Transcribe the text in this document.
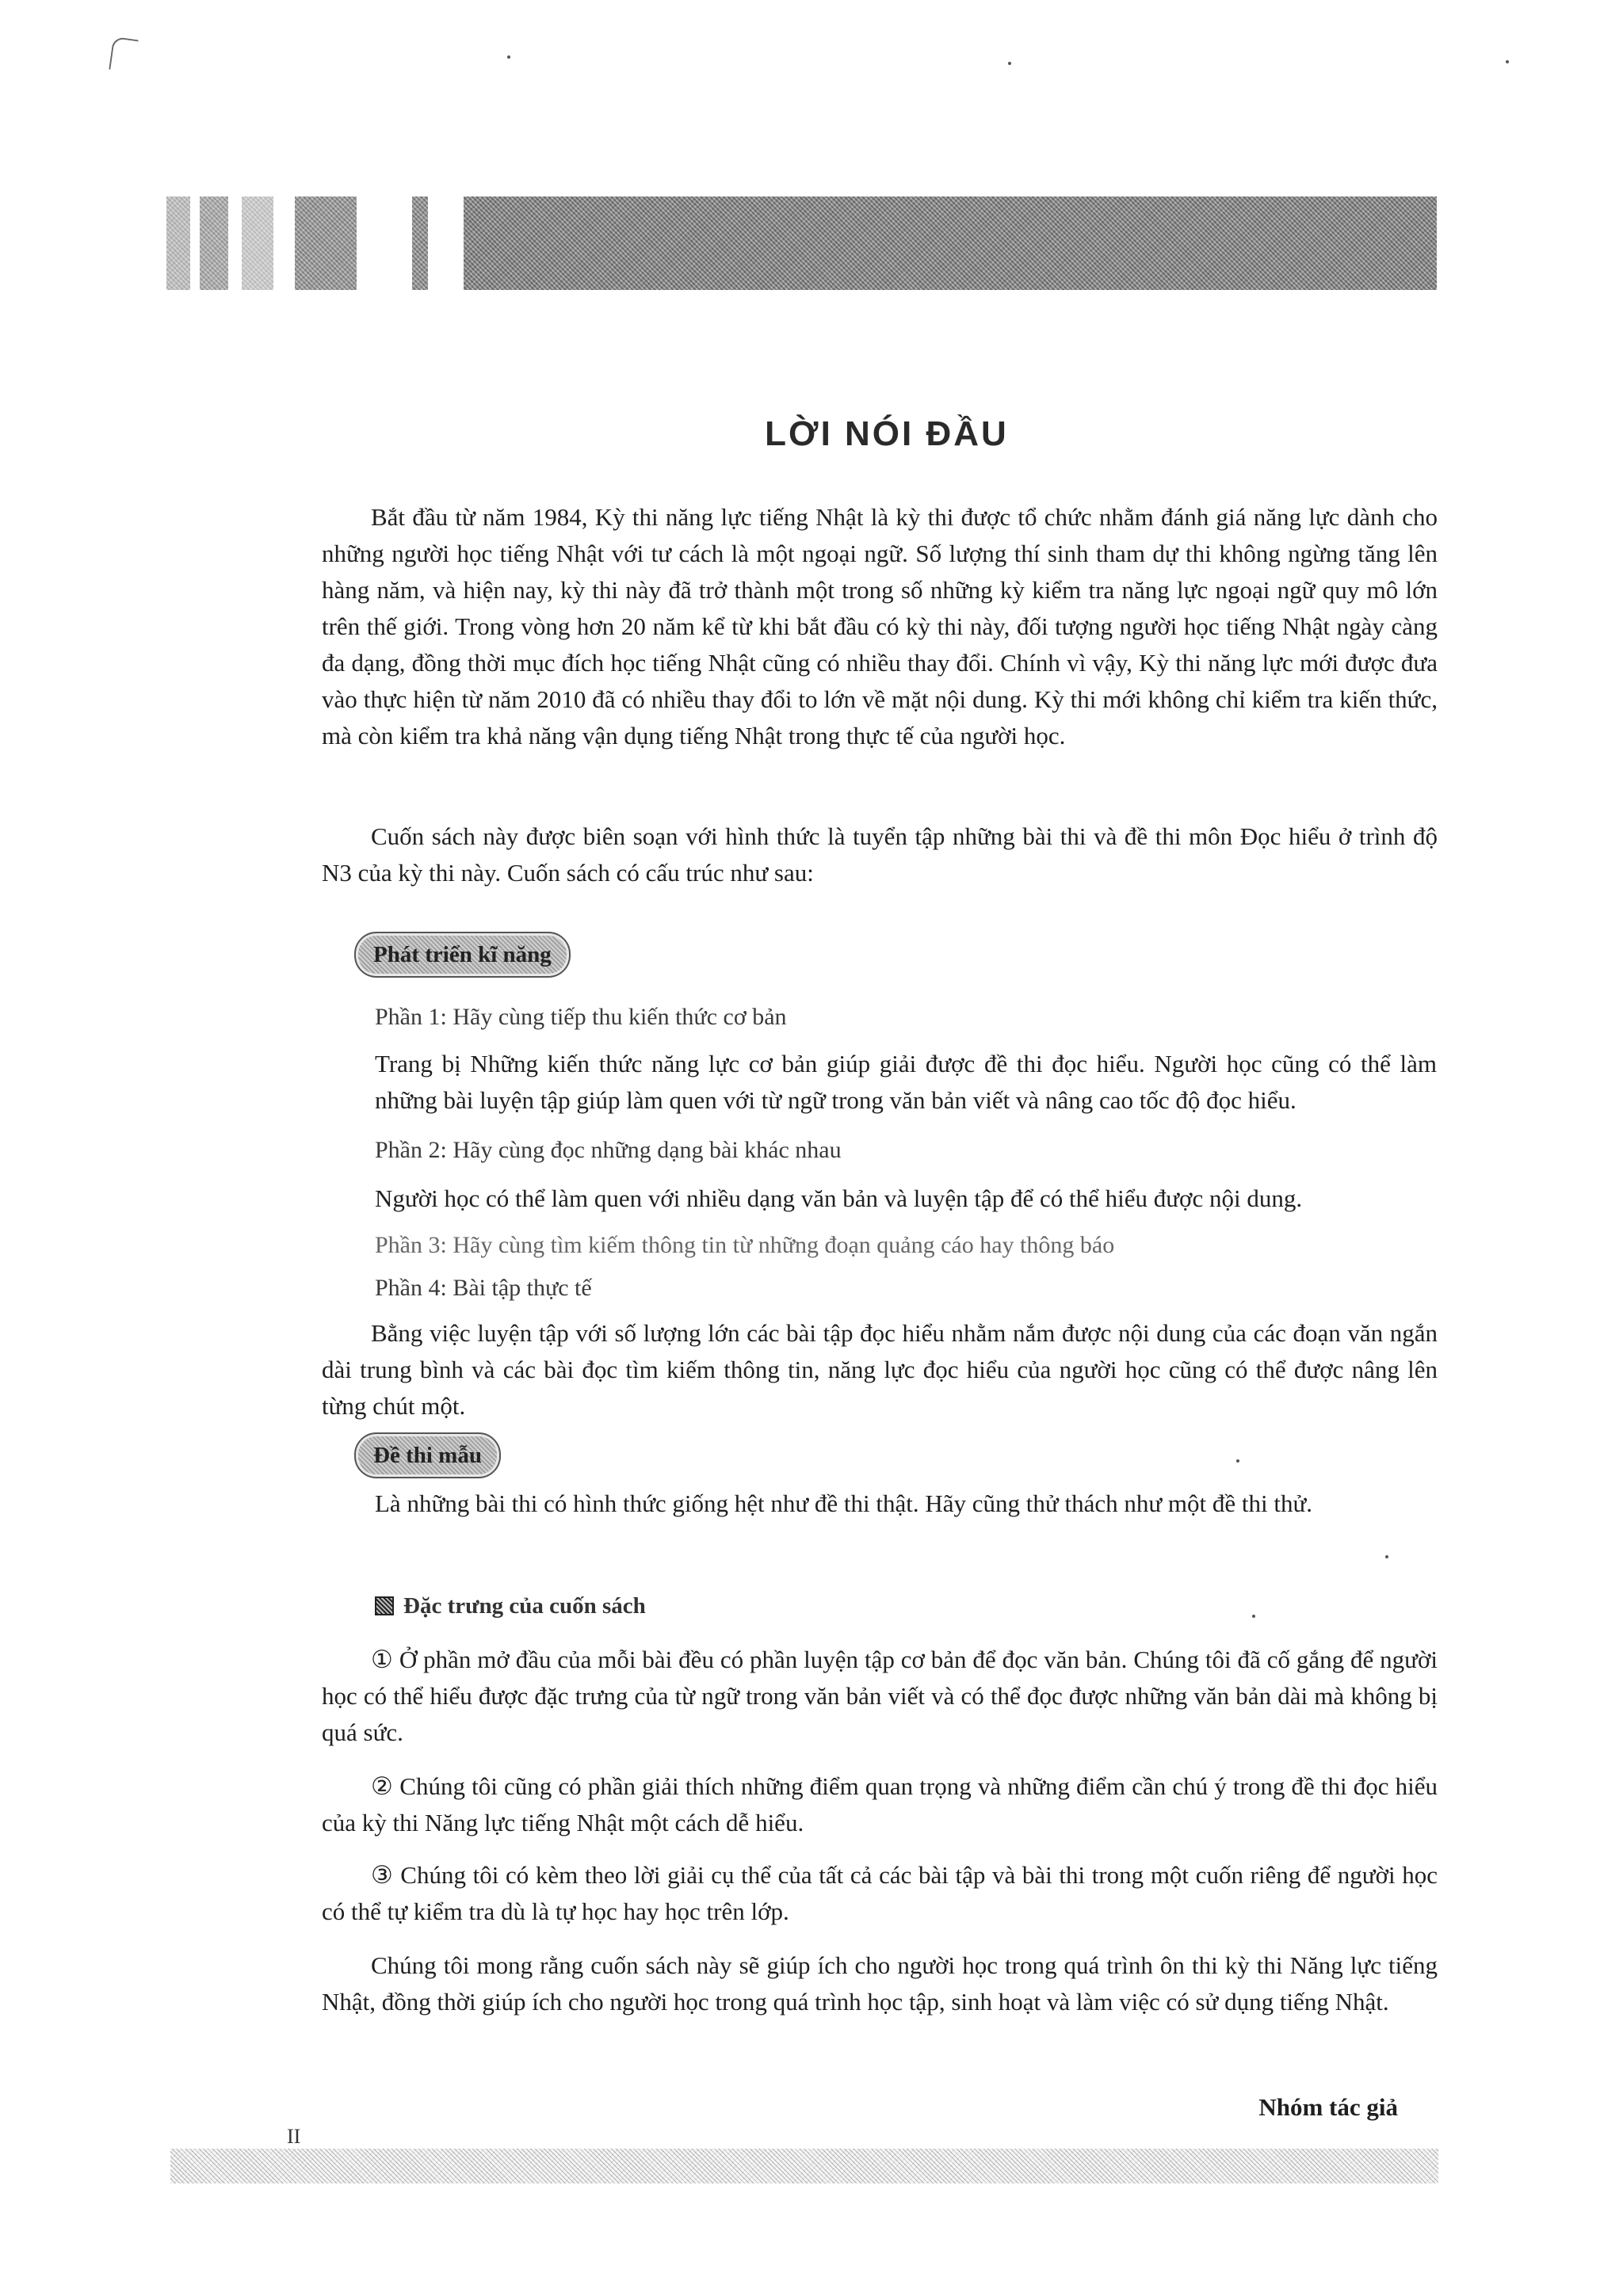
LỜI NÓI ĐẦU

Bắt đầu từ năm 1984, Kỳ thi năng lực tiếng Nhật là kỳ thi được tổ chức nhằm đánh giá năng lực dành cho những người học tiếng Nhật với tư cách là một ngoại ngữ. Số lượng thí sinh tham dự thi không ngừng tăng lên hàng năm, và hiện nay, kỳ thi này đã trở thành một trong số những kỳ kiểm tra năng lực ngoại ngữ quy mô lớn trên thế giới. Trong vòng hơn 20 năm kể từ khi bắt đầu có kỳ thi này, đối tượng người học tiếng Nhật ngày càng đa dạng, đồng thời mục đích học tiếng Nhật cũng có nhiều thay đổi. Chính vì vậy, Kỳ thi năng lực mới được đưa vào thực hiện từ năm 2010 đã có nhiều thay đổi to lớn về mặt nội dung. Kỳ thi mới không chỉ kiểm tra kiến thức, mà còn kiểm tra khả năng vận dụng tiếng Nhật trong thực tế của người học.

Cuốn sách này được biên soạn với hình thức là tuyển tập những bài thi và đề thi môn Đọc hiểu ở trình độ N3 của kỳ thi này. Cuốn sách có cấu trúc như sau:

Phát triển kĩ năng

Phần 1: Hãy cùng tiếp thu kiến thức cơ bản

Trang bị Những kiến thức năng lực cơ bản giúp giải được đề thi đọc hiểu. Người học cũng có thể làm những bài luyện tập giúp làm quen với từ ngữ trong văn bản viết và nâng cao tốc độ đọc hiểu.

Phần 2: Hãy cùng đọc những dạng bài khác nhau

Người học có thể làm quen với nhiều dạng văn bản và luyện tập để có thể hiểu được nội dung.

Phần 3: Hãy cùng tìm kiếm thông tin từ những đoạn quảng cáo hay thông báo

Phần 4: Bài tập thực tế

Bằng việc luyện tập với số lượng lớn các bài tập đọc hiểu nhằm nắm được nội dung của các đoạn văn ngắn dài trung bình và các bài đọc tìm kiếm thông tin, năng lực đọc hiểu của người học cũng có thể được nâng lên từng chút một.

Đề thi mẫu

Là những bài thi có hình thức giống hệt như đề thi thật. Hãy cũng thử thách như một đề thi thử.

Đặc trưng của cuốn sách

① Ở phần mở đầu của mỗi bài đều có phần luyện tập cơ bản để đọc văn bản. Chúng tôi đã cố gắng để người học có thể hiểu được đặc trưng của từ ngữ trong văn bản viết và có thể đọc được những văn bản dài mà không bị quá sức.

② Chúng tôi cũng có phần giải thích những điểm quan trọng và những điểm cần chú ý trong đề thi đọc hiểu của kỳ thi Năng lực tiếng Nhật một cách dễ hiểu.

③ Chúng tôi có kèm theo lời giải cụ thể của tất cả các bài tập và bài thi trong một cuốn riêng để người học có thể tự kiểm tra dù là tự học hay học trên lớp.

Chúng tôi mong rằng cuốn sách này sẽ giúp ích cho người học trong quá trình ôn thi kỳ thi Năng lực tiếng Nhật, đồng thời giúp ích cho người học trong quá trình học tập, sinh hoạt và làm việc có sử dụng tiếng Nhật.

Nhóm tác giả
II
